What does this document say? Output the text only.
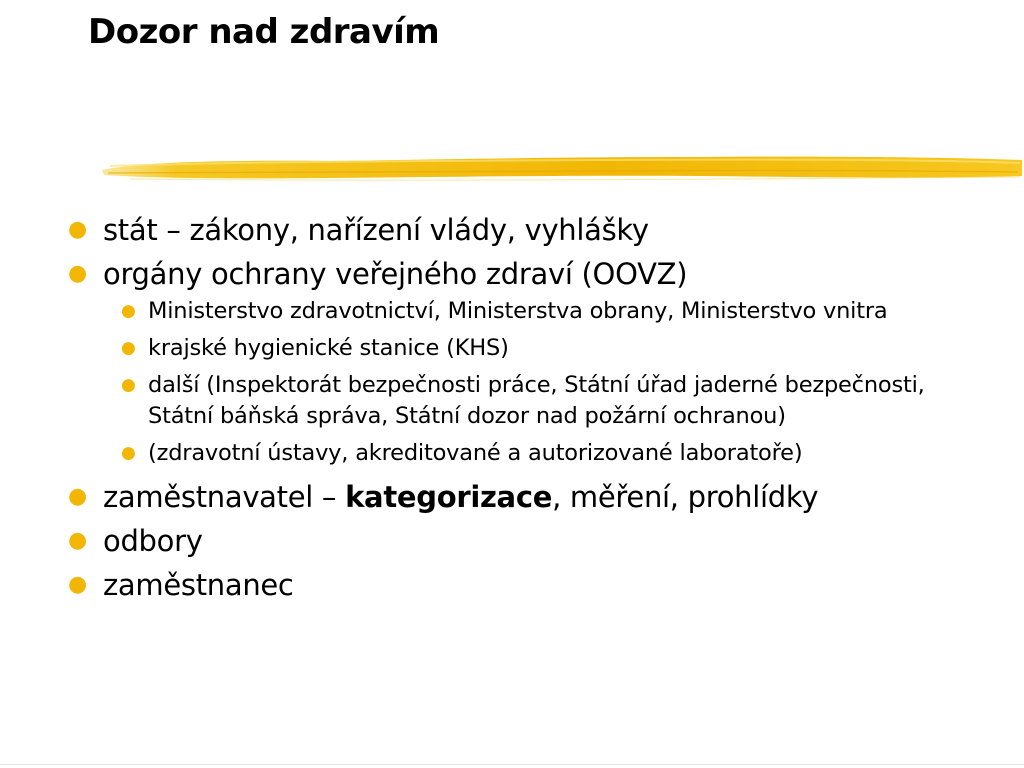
Dozor nad zdravím
● stát – zákony, nařízení vlády, vyhlášky
● orgány ochrany veřejného zdraví (OOVZ)
● Ministerstvo zdravotnictví, Ministerstva obrany, Ministerstvo vnitra
● krajské hygienické stanice (KHS)
● další (Inspektorát bezpečnosti práce, Státní úřad jaderné bezpečnosti, Státní báňská správa, Státní dozor nad požární ochranou)
● (zdravotní ústavy, akreditované a autorizované laboratoře)
● zaměstnavatel – kategorizace, měření, prohlídky
● odbory
● zaměstnanec
